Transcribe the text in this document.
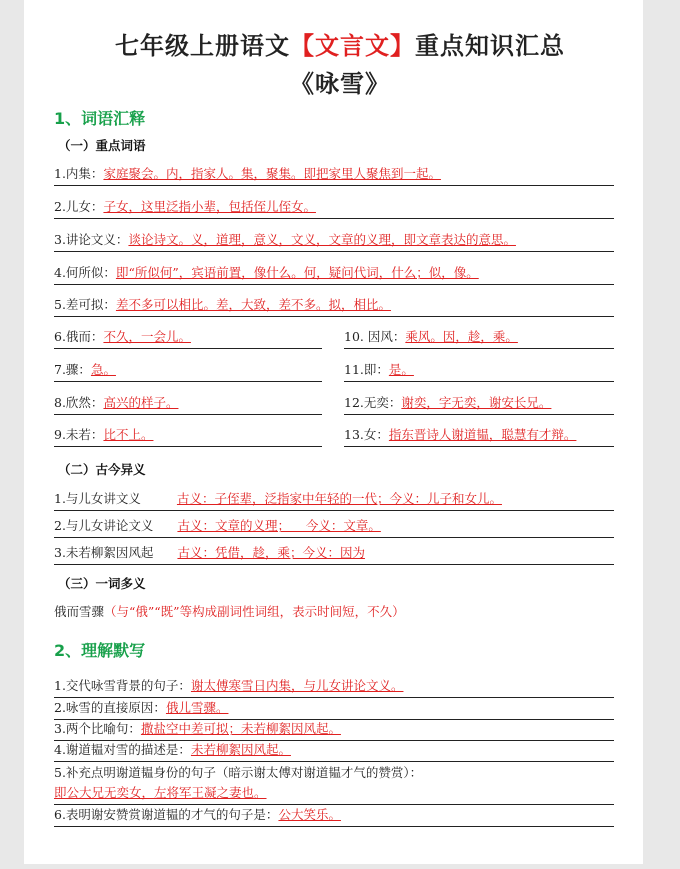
七年级上册语文【文言文】重点知识汇总
《咏雪》
1、词语汇释
（一）重点词语
1.内集：家庭聚会。内，指家人。集，聚集。即把家里人聚焦到一起。
2.儿女：子女，这里泛指小辈，包括侄儿侄女。
3.讲论文义：谈论诗文。义，道理，意义，文义，文章的义理，即文章表达的意思。
4.何所似：即“所似何”，宾语前置，像什么。何，疑问代词，什么；似，像。
5.差可拟：差不多可以相比。差，大致，差不多。拟，相比。
6.俄而：不久，一会儿。
7.骤：急。
8.欣然：高兴的样子。
9.未若：比不上。
10. 因风：乘风。因，趁，乘。
11.即：是。
12.无奕：谢奕，字无奕，谢安长兄。
13.女：指东晋诗人谢道韫，聪慧有才辩。
（二）古今异义
1.与儿女讲文义	古义：子侄辈，泛指家中年轻的一代；今义：儿子和女儿。
2.与儿女讲论文义 古义：文章的义理；    今义：文章。
3.未若柳絮因风起 古义：凭借，趁，乘；今义：因为
（三）一词多义
俄而雪骤（与“俄”“既”等构成副词性词组，表示时间短，不久）
2、理解默写
1.交代咏雪背景的句子：谢太傅寒雪日内集，与儿女讲论文义。
2.咏雪的直接原因：俄儿雪骤。
3.两个比喻句：撒盐空中差可拟；未若柳絮因风起。
4.谢道韫对雪的描述是：未若柳絮因风起。
5.补充点明谢道韫身份的句子（暗示谢太傅对谢道韫才气的赞赏）：
即公大兄无奕女，左将军王凝之妻也。
6.表明谢安赞赏谢道韫的才气的句子是：公大笑乐。
